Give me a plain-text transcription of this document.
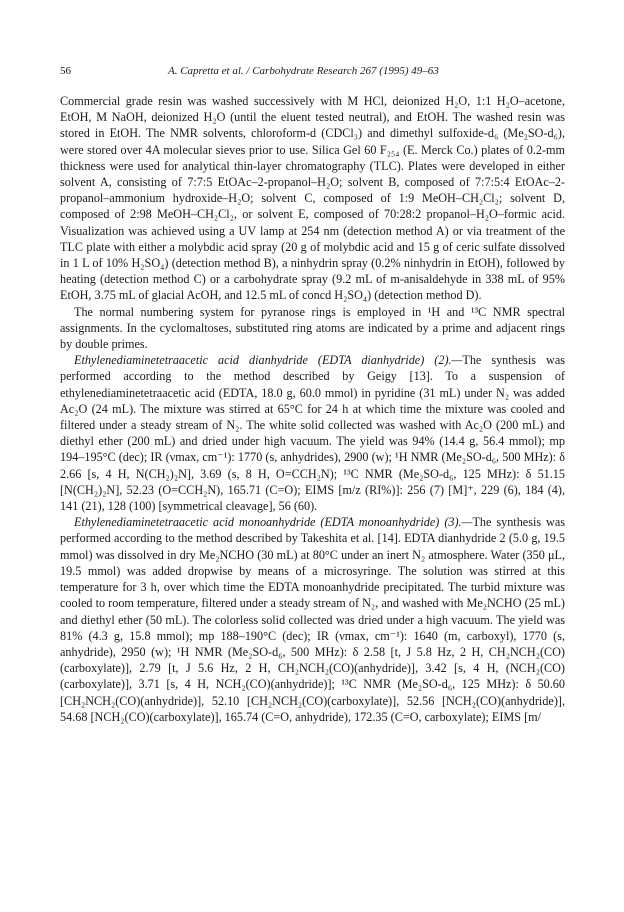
56	A. Capretta et al. / Carbohydrate Research 267 (1995) 49–63

Commercial grade resin was washed successively with M HCl, deionized H₂O, 1:1 H₂O–acetone, EtOH, M NaOH, deionized H₂O (until the eluent tested neutral), and EtOH. The washed resin was stored in EtOH. The NMR solvents, chloroform-d (CDCl₃) and dimethyl sulfoxide-d₆ (Me₂SO-d₆), were stored over 4A molecular sieves prior to use. Silica Gel 60 F₂₅₄ (E. Merck Co.) plates of 0.2-mm thickness were used for analytical thin-layer chromatography (TLC). Plates were developed in either solvent A, consisting of 7:7:5 EtOAc–2-propanol–H₂O; solvent B, composed of 7:7:5:4 EtOAc–2-propanol–ammonium hydroxide–H₂O; solvent C, composed of 1:9 MeOH–CH₂Cl₂; solvent D, composed of 2:98 MeOH–CH₂Cl₂, or solvent E, composed of 70:28:2 propanol–H₂O–formic acid. Visualization was achieved using a UV lamp at 254 nm (detection method A) or via treatment of the TLC plate with either a molybdic acid spray (20 g of molybdic acid and 15 g of ceric sulfate dissolved in 1 L of 10% H₂SO₄) (detection method B), a ninhydrin spray (0.2% ninhydrin in EtOH), followed by heating (detection method C) or a carbohydrate spray (9.2 mL of m-anisaldehyde in 338 mL of 95% EtOH, 3.75 mL of glacial AcOH, and 12.5 mL of concd H₂SO₄) (detection method D).

The normal numbering system for pyranose rings is employed in ¹H and ¹³C NMR spectral assignments. In the cyclomaltoses, substituted ring atoms are indicated by a prime and adjacent rings by double primes.

Ethylenediaminetetraacetic acid dianhydride (EDTA dianhydride) (2).—The synthesis was performed according to the method described by Geigy [13]. To a suspension of ethylenediaminetetraacetic acid (EDTA, 18.0 g, 60.0 mmol) in pyridine (31 mL) under N₂ was added Ac₂O (24 mL). The mixture was stirred at 65°C for 24 h at which time the mixture was cooled and filtered under a steady stream of N₂. The white solid collected was washed with Ac₂O (200 mL) and diethyl ether (200 mL) and dried under high vacuum. The yield was 94% (14.4 g, 56.4 mmol); mp 194–195°C (dec); IR (νmax, cm⁻¹): 1770 (s, anhydrides), 2900 (w); ¹H NMR (Me₂SO-d₆, 500 MHz): δ 2.66 [s, 4 H, N(CH₂)₂N], 3.69 (s, 8 H, O=CCH₂N); ¹³C NMR (Me₂SO-d₆, 125 MHz): δ 51.15 [N(CH₂)₂N], 52.23 (O=CCH₂N), 165.71 (C=O); EIMS [m/z (RI%)]: 256 (7) [M]⁺, 229 (6), 184 (4), 141 (21), 128 (100) [symmetrical cleavage], 56 (60).

Ethylenediaminetetraacetic acid monoanhydride (EDTA monoanhydride) (3).—The synthesis was performed according to the method described by Takeshita et al. [14]. EDTA dianhydride 2 (5.0 g, 19.5 mmol) was dissolved in dry Me₂NCHO (30 mL) at 80°C under an inert N₂ atmosphere. Water (350 μL, 19.5 mmol) was added dropwise by means of a microsyringe. The solution was stirred at this temperature for 3 h, over which time the EDTA monoanhydride precipitated. The turbid mixture was cooled to room temperature, filtered under a steady stream of N₂, and washed with Me₂NCHO (25 mL) and diethyl ether (50 mL). The colorless solid collected was dried under a high vacuum. The yield was 81% (4.3 g, 15.8 mmol); mp 188–190°C (dec); IR (νmax, cm⁻¹): 1640 (m, carboxyl), 1770 (s, anhydride), 2950 (w); ¹H NMR (Me₂SO-d₆, 500 MHz): δ 2.58 [t, J 5.8 Hz, 2 H, CH₂NCH₂(CO)(carboxylate)], 2.79 [t, J 5.6 Hz, 2 H, CH₂NCH₂(CO)(anhydride)], 3.42 [s, 4 H, (NCH₂(CO)(carboxylate)], 3.71 [s, 4 H, NCH₂(CO)(anhydride)]; ¹³C NMR (Me₂SO-d₆, 125 MHz): δ 50.60 [CH₂NCH₂(CO)(anhydride)], 52.10 [CH₂NCH₂(CO)(carboxylate)], 52.56 [NCH₂(CO)(anhydride)], 54.68 [NCH₂(CO)(carboxylate)], 165.74 (C=O, anhydride), 172.35 (C=O, carboxylate); EIMS [m/
